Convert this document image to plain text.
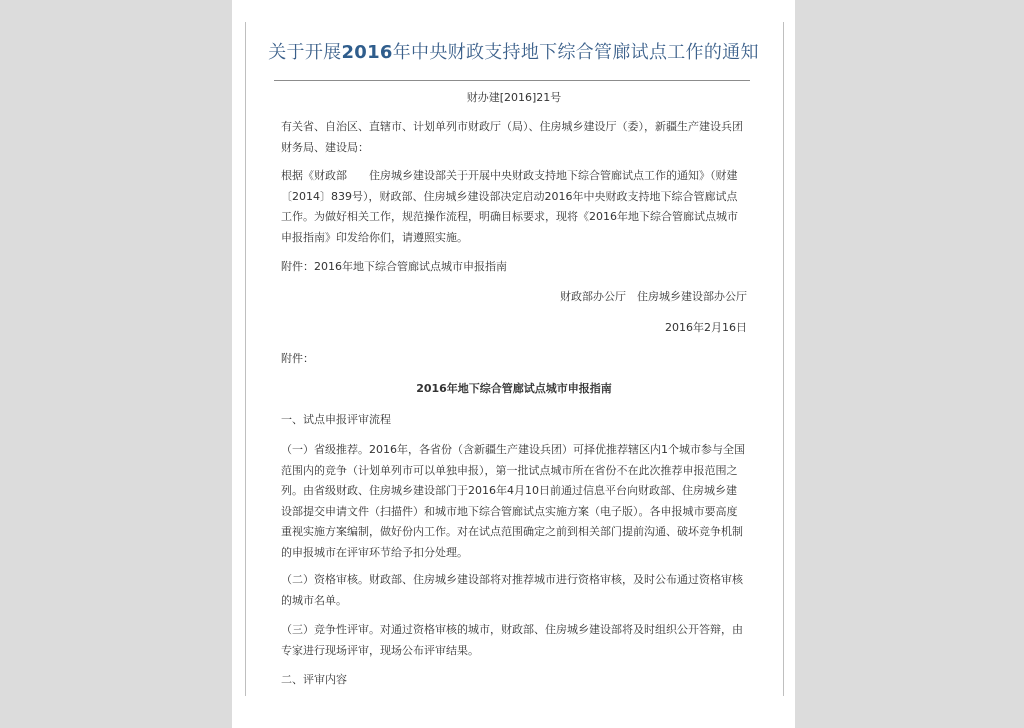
关于开展2016年中央财政支持地下综合管廊试点工作的通知

财办建[2016]21号

有关省、自治区、直辖市、计划单列市财政厅（局）、住房城乡建设厅（委），新疆生产建设兵团财务局、建设局：

根据《财政部　　住房城乡建设部关于开展中央财政支持地下综合管廊试点工作的通知》（财建〔2014〕839号），财政部、住房城乡建设部决定启动2016年中央财政支持地下综合管廊试点工作。为做好相关工作，规范操作流程，明确目标要求，现将《2016年地下综合管廊试点城市申报指南》印发给你们，请遵照实施。

附件：2016年地下综合管廊试点城市申报指南

财政部办公厅　住房城乡建设部办公厅

2016年2月16日

附件：

2016年地下综合管廊试点城市申报指南

一、试点申报评审流程

（一）省级推荐。2016年，各省份（含新疆生产建设兵团）可择优推荐辖区内1个城市参与全国范围内的竞争（计划单列市可以单独申报），第一批试点城市所在省份不在此次推荐申报范围之列。由省级财政、住房城乡建设部门于2016年4月10日前通过信息平台向财政部、住房城乡建设部提交申请文件（扫描件）和城市地下综合管廊试点实施方案（电子版）。各申报城市要高度重视实施方案编制，做好份内工作。对在试点范围确定之前到相关部门提前沟通、破坏竞争机制的申报城市在评审环节给予扣分处理。

（二）资格审核。财政部、住房城乡建设部将对推荐城市进行资格审核，及时公布通过资格审核的城市名单。

（三）竞争性评审。对通过资格审核的城市，财政部、住房城乡建设部将及时组织公开答辩，由专家进行现场评审，现场公布评审结果。

二、评审内容
